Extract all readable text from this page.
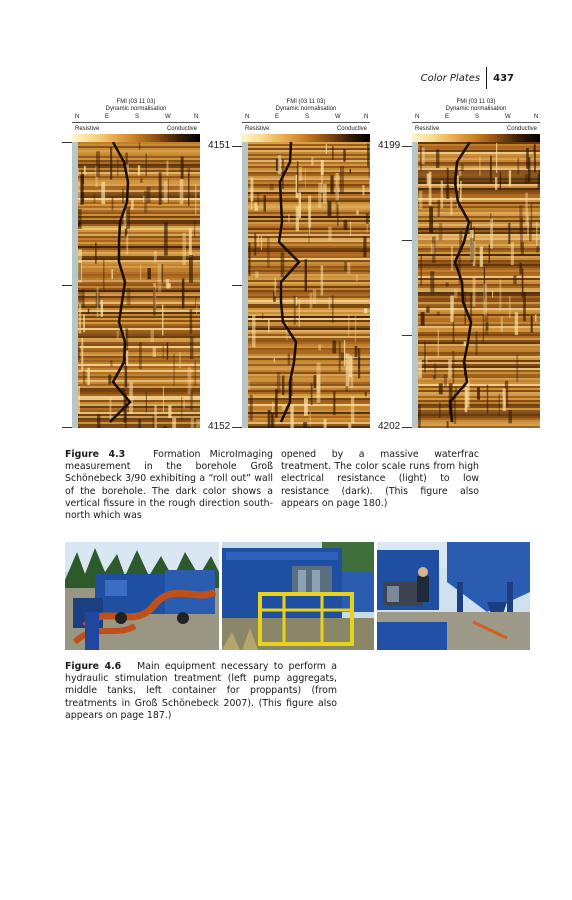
Color Plates	437
FMI (03 11 03)
Dynamic normalisation
N	E	S	W	N
Resistive	Conductive
FMI (03 11 03)
Dynamic normalisation
N	E	S	W	N
Resistive	Conductive
FMI (03 11 03)
Dynamic normalisation
N	E	S	W	N
Resistive	Conductive
4151
4152
4199
4202
Figure 4.3	Formation MicroImaging measurement in the borehole Groß Schönebeck 3/90 exhibiting a “roll out” wall of the borehole. The dark color shows a vertical fissure in the rough direction south-north which was
opened by a massive waterfrac treatment. The color scale runs from high electrical resistance (light) to low resistance (dark). (This figure also appears on page 180.)
Figure 4.6 Main equipment necessary to perform a hydraulic stimulation treatment (left pump aggregats, middle tanks, left container for proppants) (from treatments in Groß Schönebeck 2007). (This figure also appears on page 187.)
